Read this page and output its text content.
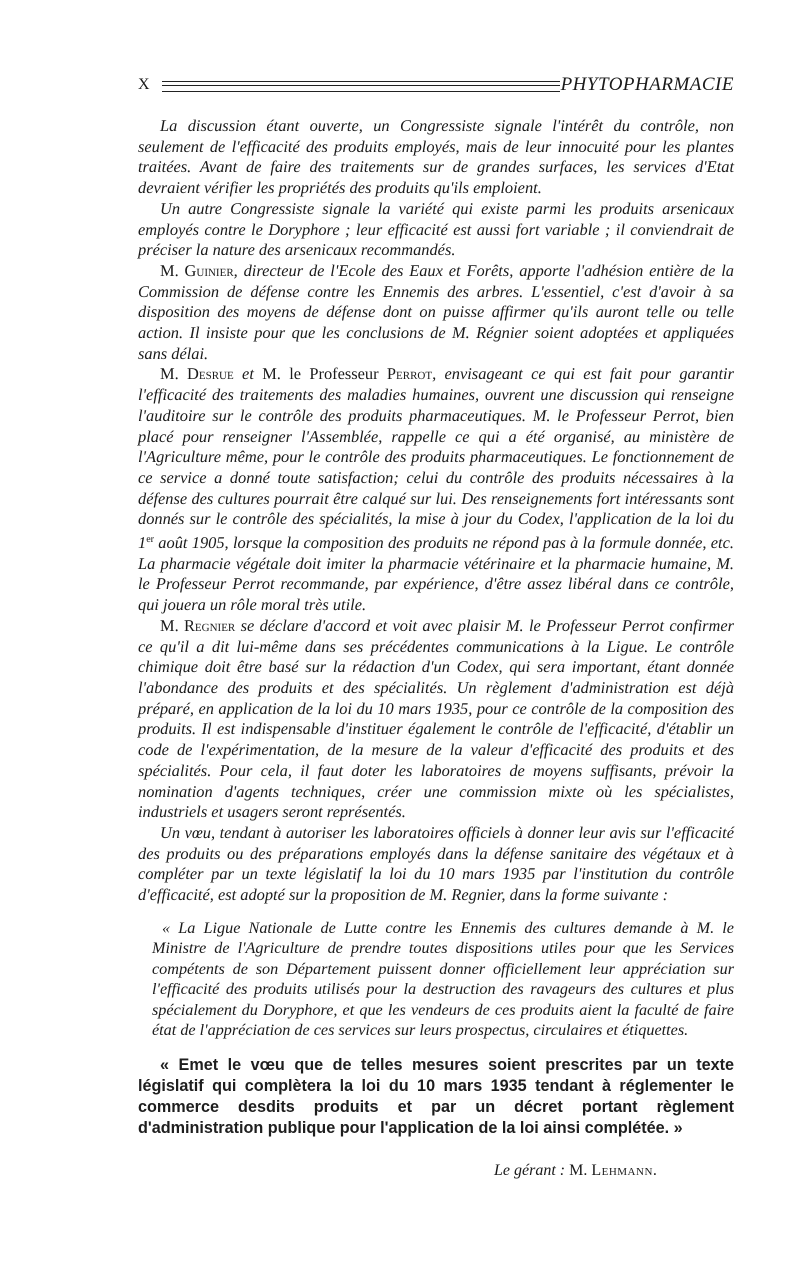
X	PHYTOPHARMACIE

La discussion étant ouverte, un Congressiste signale l'intérêt du contrôle, non seulement de l'efficacité des produits employés, mais de leur innocuité pour les plantes traitées. Avant de faire des traitements sur de grandes surfaces, les services d'Etat devraient vérifier les propriétés des produits qu'ils emploient.

Un autre Congressiste signale la variété qui existe parmi les produits arsenicaux employés contre le Doryphore ; leur efficacité est aussi fort variable ; il conviendrait de préciser la nature des arsenicaux recommandés.

M. Guinier, directeur de l'Ecole des Eaux et Forêts, apporte l'adhésion entière de la Commission de défense contre les Ennemis des arbres. L'essentiel, c'est d'avoir à sa disposition des moyens de défense dont on puisse affirmer qu'ils auront telle ou telle action. Il insiste pour que les conclusions de M. Régnier soient adoptées et appliquées sans délai.

M. Desrue et M. le Professeur Perrot, envisageant ce qui est fait pour garantir l'efficacité des traitements des maladies humaines, ouvrent une discussion qui renseigne l'auditoire sur le contrôle des produits pharmaceutiques. M. le Professeur Perrot, bien placé pour renseigner l'Assemblée, rappelle ce qui a été organisé, au ministère de l'Agriculture même, pour le contrôle des produits pharmaceutiques. Le fonctionnement de ce service a donné toute satisfaction; celui du contrôle des produits nécessaires à la défense des cultures pourrait être calqué sur lui. Des renseignements fort intéressants sont donnés sur le contrôle des spécialités, la mise à jour du Codex, l'application de la loi du 1er août 1905, lorsque la composition des produits ne répond pas à la formule donnée, etc. La pharmacie végétale doit imiter la pharmacie vétérinaire et la pharmacie humaine, M. le Professeur Perrot recommande, par expérience, d'être assez libéral dans ce contrôle, qui jouera un rôle moral très utile.

M. Regnier se déclare d'accord et voit avec plaisir M. le Professeur Perrot confirmer ce qu'il a dit lui-même dans ses précédentes communications à la Ligue. Le contrôle chimique doit être basé sur la rédaction d'un Codex, qui sera important, étant donnée l'abondance des produits et des spécialités. Un règlement d'administration est déjà préparé, en application de la loi du 10 mars 1935, pour ce contrôle de la composition des produits. Il est indispensable d'instituer également le contrôle de l'efficacité, d'établir un code de l'expérimentation, de la mesure de la valeur d'efficacité des produits et des spécialités. Pour cela, il faut doter les laboratoires de moyens suffisants, prévoir la nomination d'agents techniques, créer une commission mixte où les spécialistes, industriels et usagers seront représentés.

Un vœu, tendant à autoriser les laboratoires officiels à donner leur avis sur l'efficacité des produits ou des préparations employés dans la défense sanitaire des végétaux et à compléter par un texte législatif la loi du 10 mars 1935 par l'institution du contrôle d'efficacité, est adopté sur la proposition de M. Regnier, dans la forme suivante :

« La Ligue Nationale de Lutte contre les Ennemis des cultures demande à M. le Ministre de l'Agriculture de prendre toutes dispositions utiles pour que les Services compétents de son Département puissent donner officiellement leur appréciation sur l'efficacité des produits utilisés pour la destruction des ravageurs des cultures et plus spécialement du Doryphore, et que les vendeurs de ces produits aient la faculté de faire état de l'appréciation de ces services sur leurs prospectus, circulaires et étiquettes.

« Emet le vœu que de telles mesures soient prescrites par un texte législatif qui complètera la loi du 10 mars 1935 tendant à réglementer le commerce desdits produits et par un décret portant règlement d'administration publique pour l'application de la loi ainsi complétée. »

Le gérant : M. Lehmann.
